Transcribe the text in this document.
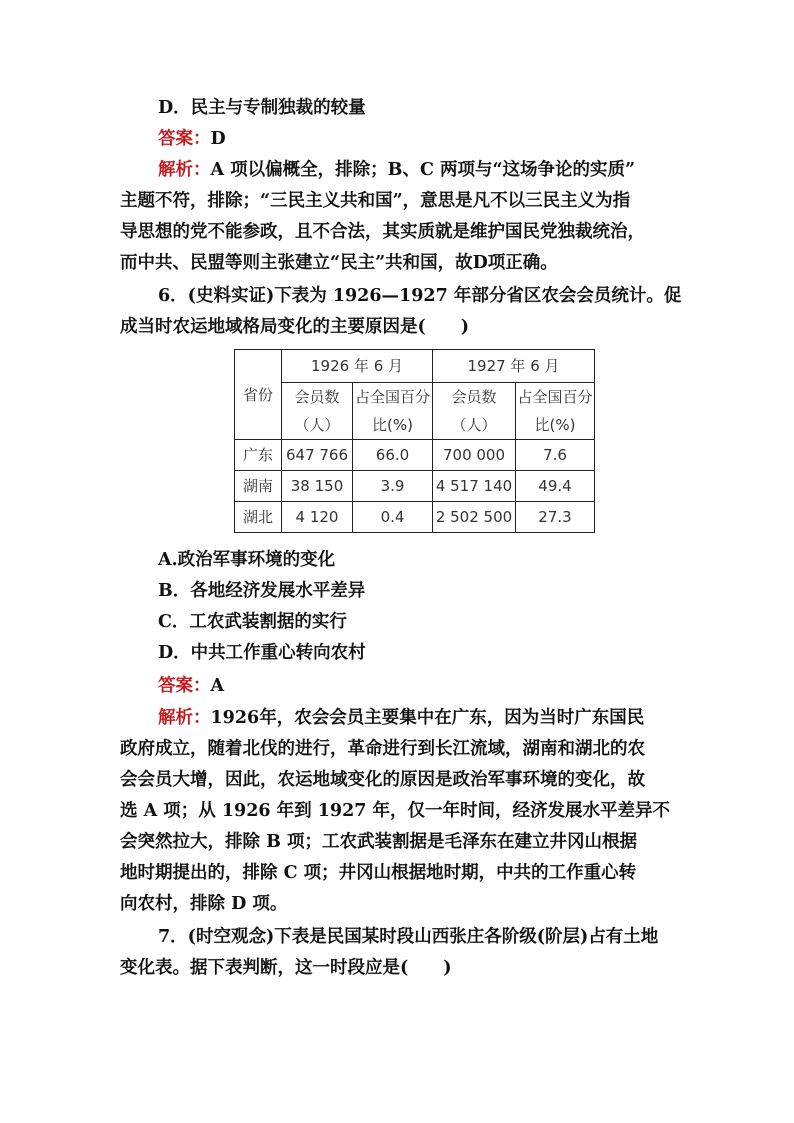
D．民主与专制独裁的较量
答案：D
解析：A 项以偏概全，排除；B、C 两项与“这场争论的实质”
主题不符，排除；“三民主义共和国”，意思是凡不以三民主义为指
导思想的党不能参政，且不合法，其实质就是维护国民党独裁统治，
而中共、民盟等则主张建立“民主”共和国，故D项正确。
6．(史料实证)下表为 1926—1927 年部分省区农会会员统计。促
成当时农运地域格局变化的主要原因是(　　)
省份	1926 年 6 月		1927 年 6 月	
	会员数（人）	占全国百分比(%)	会员数（人）	占全国百分比(%)
广东	647 766	66.0	700 000	7.6
湖南	38 150	3.9	4 517 140	49.4
湖北	4 120	0.4	2 502 500	27.3
A.政治军事环境的变化
B．各地经济发展水平差异
C．工农武装割据的实行
D．中共工作重心转向农村
答案：A
解析：1926年，农会会员主要集中在广东，因为当时广东国民
政府成立，随着北伐的进行，革命进行到长江流域，湖南和湖北的农
会会员大增，因此，农运地域变化的原因是政治军事环境的变化，故
选 A 项；从 1926 年到 1927 年，仅一年时间，经济发展水平差异不
会突然拉大，排除 B 项；工农武装割据是毛泽东在建立井冈山根据
地时期提出的，排除 C 项；井冈山根据地时期，中共的工作重心转
向农村，排除 D 项。
7．(时空观念)下表是民国某时段山西张庄各阶级(阶层)占有土地
变化表。据下表判断，这一时段应是(　　)
